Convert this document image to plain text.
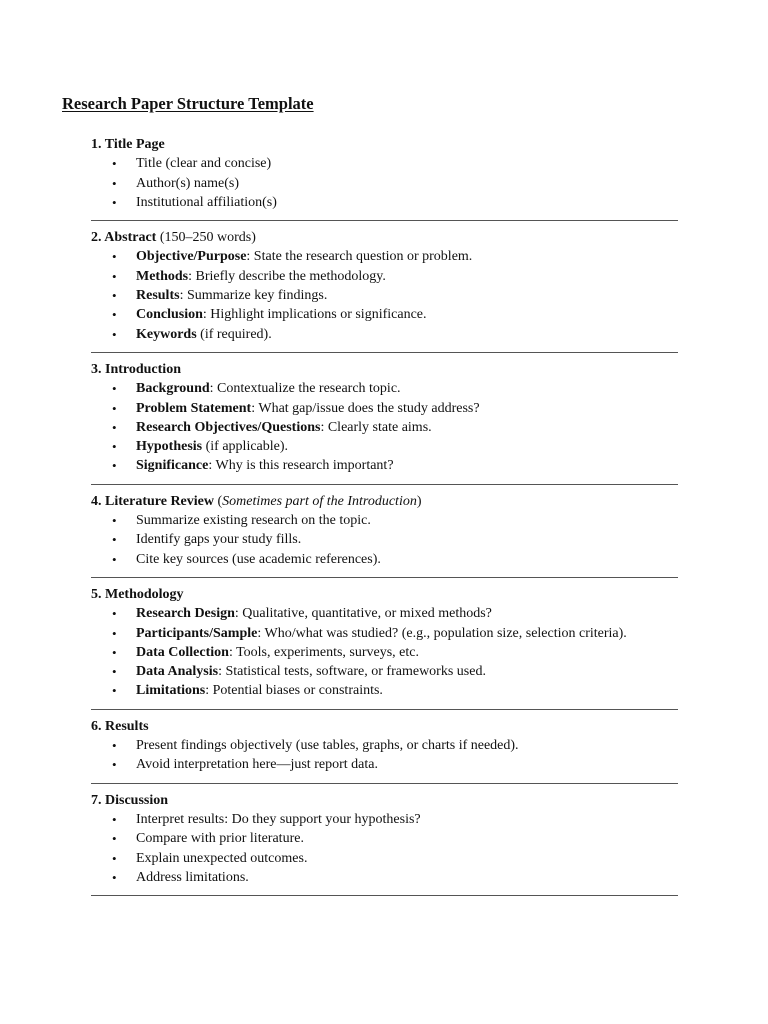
Research Paper Structure Template

1. Title Page

• Title (clear and concise)
• Author(s) name(s)
• Institutional affiliation(s)

2. Abstract (150–250 words)

• Objective/Purpose: State the research question or problem.
• Methods: Briefly describe the methodology.
• Results: Summarize key findings.
• Conclusion: Highlight implications or significance.
• Keywords (if required).

3. Introduction

• Background: Contextualize the research topic.
• Problem Statement: What gap/issue does the study address?
• Research Objectives/Questions: Clearly state aims.
• Hypothesis (if applicable).
• Significance: Why is this research important?

4. Literature Review (Sometimes part of the Introduction)

• Summarize existing research on the topic.
• Identify gaps your study fills.
• Cite key sources (use academic references).

5. Methodology

• Research Design: Qualitative, quantitative, or mixed methods?
• Participants/Sample: Who/what was studied? (e.g., population size, selection criteria).
• Data Collection: Tools, experiments, surveys, etc.
• Data Analysis: Statistical tests, software, or frameworks used.
• Limitations: Potential biases or constraints.

6. Results

• Present findings objectively (use tables, graphs, or charts if needed).
• Avoid interpretation here—just report data.

7. Discussion

• Interpret results: Do they support your hypothesis?
• Compare with prior literature.
• Explain unexpected outcomes.
• Address limitations.
